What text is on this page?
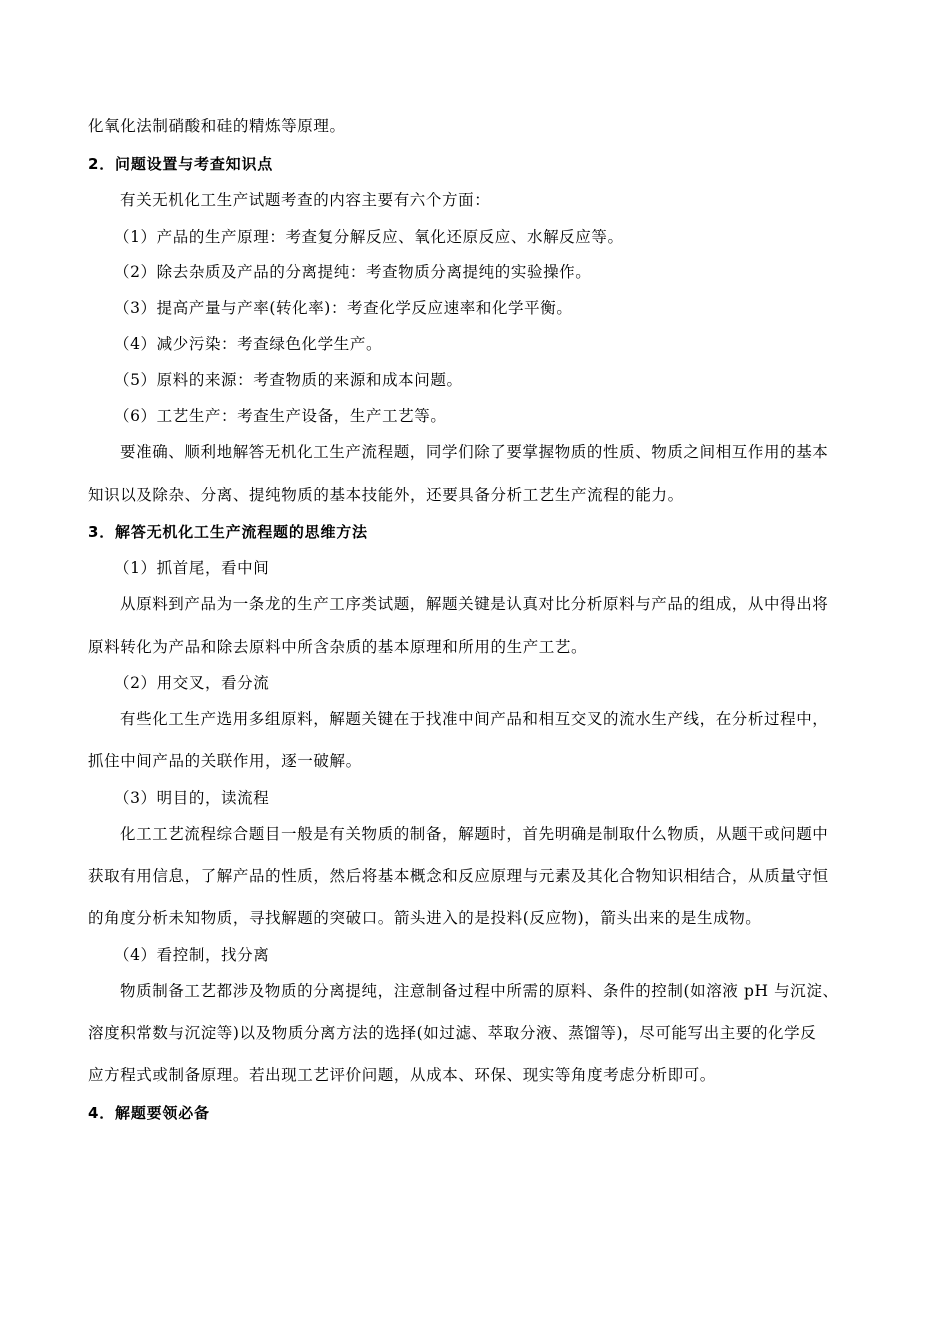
化氧化法制硝酸和硅的精炼等原理。
2．问题设置与考查知识点
有关无机化工生产试题考查的内容主要有六个方面：
（1）产品的生产原理：考查复分解反应、氧化还原反应、水解反应等。
（2）除去杂质及产品的分离提纯：考查物质分离提纯的实验操作。
（3）提高产量与产率(转化率)：考查化学反应速率和化学平衡。
（4）减少污染：考查绿色化学生产。
（5）原料的来源：考查物质的来源和成本问题。
（6）工艺生产：考查生产设备，生产工艺等。
要准确、顺利地解答无机化工生产流程题，同学们除了要掌握物质的性质、物质之间相互作用的基本
知识以及除杂、分离、提纯物质的基本技能外，还要具备分析工艺生产流程的能力。
3．解答无机化工生产流程题的思维方法
（1）抓首尾，看中间
从原料到产品为一条龙的生产工序类试题，解题关键是认真对比分析原料与产品的组成，从中得出将
原料转化为产品和除去原料中所含杂质的基本原理和所用的生产工艺。
（2）用交叉，看分流
有些化工生产选用多组原料，解题关键在于找准中间产品和相互交叉的流水生产线，在分析过程中，
抓住中间产品的关联作用，逐一破解。
（3）明目的，读流程
化工工艺流程综合题目一般是有关物质的制备，解题时，首先明确是制取什么物质，从题干或问题中
获取有用信息，了解产品的性质，然后将基本概念和反应原理与元素及其化合物知识相结合，从质量守恒
的角度分析未知物质，寻找解题的突破口。箭头进入的是投料(反应物)，箭头出来的是生成物。
（4）看控制，找分离
物质制备工艺都涉及物质的分离提纯，注意制备过程中所需的原料、条件的控制(如溶液 pH 与沉淀、
溶度积常数与沉淀等)以及物质分离方法的选择(如过滤、萃取分液、蒸馏等)，尽可能写出主要的化学反
应方程式或制备原理。若出现工艺评价问题，从成本、环保、现实等角度考虑分析即可。
4．解题要领必备
